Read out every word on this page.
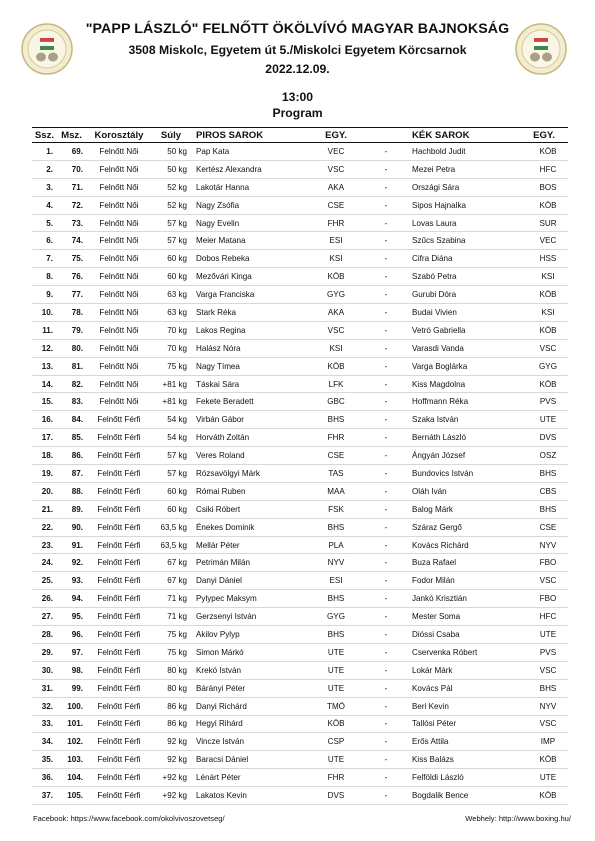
"PAPP LÁSZLÓ" FELNŐTT ÖKÖLVÍVÓ MAGYAR BAJNOKSÁG
3508 Miskolc, Egyetem út 5./Miskolci Egyetem Körcsarnok
2022.12.09.
13:00
Program
Ssz.	Msz.	Korosztály	Súly	PIROS SAROK	EGY.		KÉK SAROK	EGY.
1.	69.	Felnőtt Női	50 kg	Pap Kata	VEC	-	Hachbold Judit	KÖB
2.	70.	Felnőtt Női	50 kg	Kertész Alexandra	VSC	-	Mezei Petra	HFC
3.	71.	Felnőtt Női	52 kg	Lakotár Hanna	AKA	-	Országi Sára	BOS
4.	72.	Felnőtt Női	52 kg	Nagy Zsófia	CSE	-	Sipos Hajnalka	KÖB
5.	73.	Felnőtt Női	57 kg	Nagy Evelin	FHR	-	Lovas Laura	SUR
6.	74.	Felnőtt Női	57 kg	Meier Matana	ESI	-	Szűcs Szabina	VEC
7.	75.	Felnőtt Női	60 kg	Dobos Rebeka	KSI	-	Cifra Diána	HSS
8.	76.	Felnőtt Női	60 kg	Mezővári Kinga	KÖB	-	Szabó Petra	KSI
9.	77.	Felnőtt Női	63 kg	Varga Franciska	GYG	-	Gurubi Dóra	KÖB
10.	78.	Felnőtt Női	63 kg	Stark Réka	AKA	-	Budai Vivien	KSI
11.	79.	Felnőtt Női	70 kg	Lakos Regina	VSC	-	Vetró Gabriella	KÖB
12.	80.	Felnőtt Női	70 kg	Halász Nóra	KSI	-	Varasdi Vanda	VSC
13.	81.	Felnőtt Női	75 kg	Nagy Tímea	KÖB	-	Varga Boglárka	GYG
14.	82.	Felnőtt Női	+81 kg	Táskai Sára	LFK	-	Kiss Magdolna	KÖB
15.	83.	Felnőtt Női	+81 kg	Fekete Beradett	GBC	-	Hoffmann Réka	PVS
16.	84.	Felnőtt Férfi	54 kg	Virbán Gábor	BHS	-	Szaka István	UTE
17.	85.	Felnőtt Férfi	54 kg	Horváth Zoltán	FHR	-	Bernáth László	DVS
18.	86.	Felnőtt Férfi	57 kg	Veres Roland	CSE	-	Ángyán József	OSZ
19.	87.	Felnőtt Férfi	57 kg	Rózsavölgyi Márk	TAS	-	Bundovics István	BHS
20.	88.	Felnőtt Férfi	60 kg	Római Ruben	MAA	-	Oláh Iván	CBS
21.	89.	Felnőtt Férfi	60 kg	Csiki Róbert	FSK	-	Balog Márk	BHS
22.	90.	Felnőtt Férfi	63,5 kg	Énekes Dominik	BHS	-	Száraz Gergő	CSE
23.	91.	Felnőtt Férfi	63,5 kg	Mellár Péter	PLA	-	Kovács Richárd	NYV
24.	92.	Felnőtt Férfi	67 kg	Petrimán Milán	NYV	-	Buza Rafael	FBO
25.	93.	Felnőtt Férfi	67 kg	Danyi Dániel	ESI	-	Fodor Milán	VSC
26.	94.	Felnőtt Férfi	71 kg	Pylypec Maksym	BHS	-	Jankó Krisztián	FBO
27.	95.	Felnőtt Férfi	71 kg	Gerzsenyi István	GYG	-	Mester Soma	HFC
28.	96.	Felnőtt Férfi	75 kg	Akilov Pylyp	BHS	-	Dióssi Csaba	UTE
29.	97.	Felnőtt Férfi	75 kg	Simon Márkó	UTE	-	Cservenka Róbert	PVS
30.	98.	Felnőtt Férfi	80 kg	Krekó István	UTE	-	Lokár Márk	VSC
31.	99.	Felnőtt Férfi	80 kg	Bárányi Péter	UTE	-	Kovács Pál	BHS
32.	100.	Felnőtt Férfi	86 kg	Danyi Richárd	TMÖ	-	Beri Kevin	NYV
33.	101.	Felnőtt Férfi	86 kg	Hegyi Rihárd	KÖB	-	Tallósi Péter	VSC
34.	102.	Felnőtt Férfi	92 kg	Vincze István	CSP	-	Erős Attila	IMP
35.	103.	Felnőtt Férfi	92 kg	Baracsi Dániel	UTE	-	Kiss Balázs	KÖB
36.	104.	Felnőtt Férfi	+92 kg	Lénárt Péter	FHR	-	Felföldi László	UTE
37.	105.	Felnőtt Férfi	+92 kg	Lakatos Kevin	DVS	-	Bogdalik Bence	KÖB
Facebook: https://www.facebook.com/okolvivoszovetseg/	Webhely: http://www.boxing.hu/
